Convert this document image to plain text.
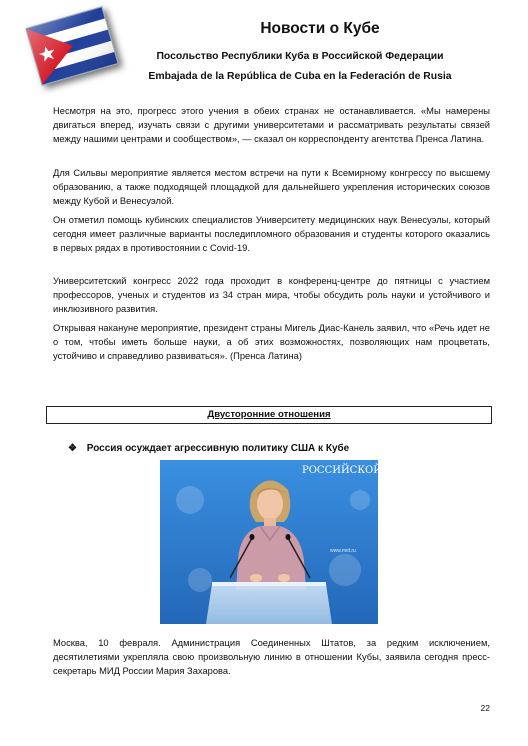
Новости о Кубе
Посольство Республики Куба в Российской Федерации
Embajada de la República de Cuba en la Federación de Rusia

Несмотря на это, прогресс этого учения в обеих странах не останавливается. «Мы намерены двигаться вперед, изучать связи с другими университетами и рассматривать результаты связей между нашими центрами и сообществом», — сказал он корреспонденту агентства Пренса Латина.

Для Сильвы мероприятие является местом встречи на пути к Всемирному конгрессу по высшему образованию, а также подходящей площадкой для дальнейшего укрепления исторических союзов между Кубой и Венесуэлой.

Он отметил помощь кубинских специалистов Университету медицинских наук Венесуэлы, который сегодня имеет различные варианты последипломного образования и студенты которого оказались в первых рядах в противостоянии с Covid-19.

Университетский конгресс 2022 года проходит в конференц-центре до пятницы с участием профессоров, ученых и студентов из 34 стран мира, чтобы обсудить роль науки и устойчивого и инклюзивного развития.

Открывая накануне мероприятие, президент страны Мигель Диас-Канель заявил, что «Речь идет не о том, чтобы иметь больше науки, а об этих возможностях, позволяющих нам процветать, устойчиво и справедливо развиваться». (Пренса Латина)

Двусторонние отношения
❖ Россия осуждает агрессивную политику США к Кубе
РОССИЙСКОЙ ФЕ
www.mid.ru

Москва, 10 февраля. Администрация Соединенных Штатов, за редким исключением, десятилетиями укрепляла свою произвольную линию в отношении Кубы, заявила сегодня пресс-секретарь МИД России Мария Захарова.

22
